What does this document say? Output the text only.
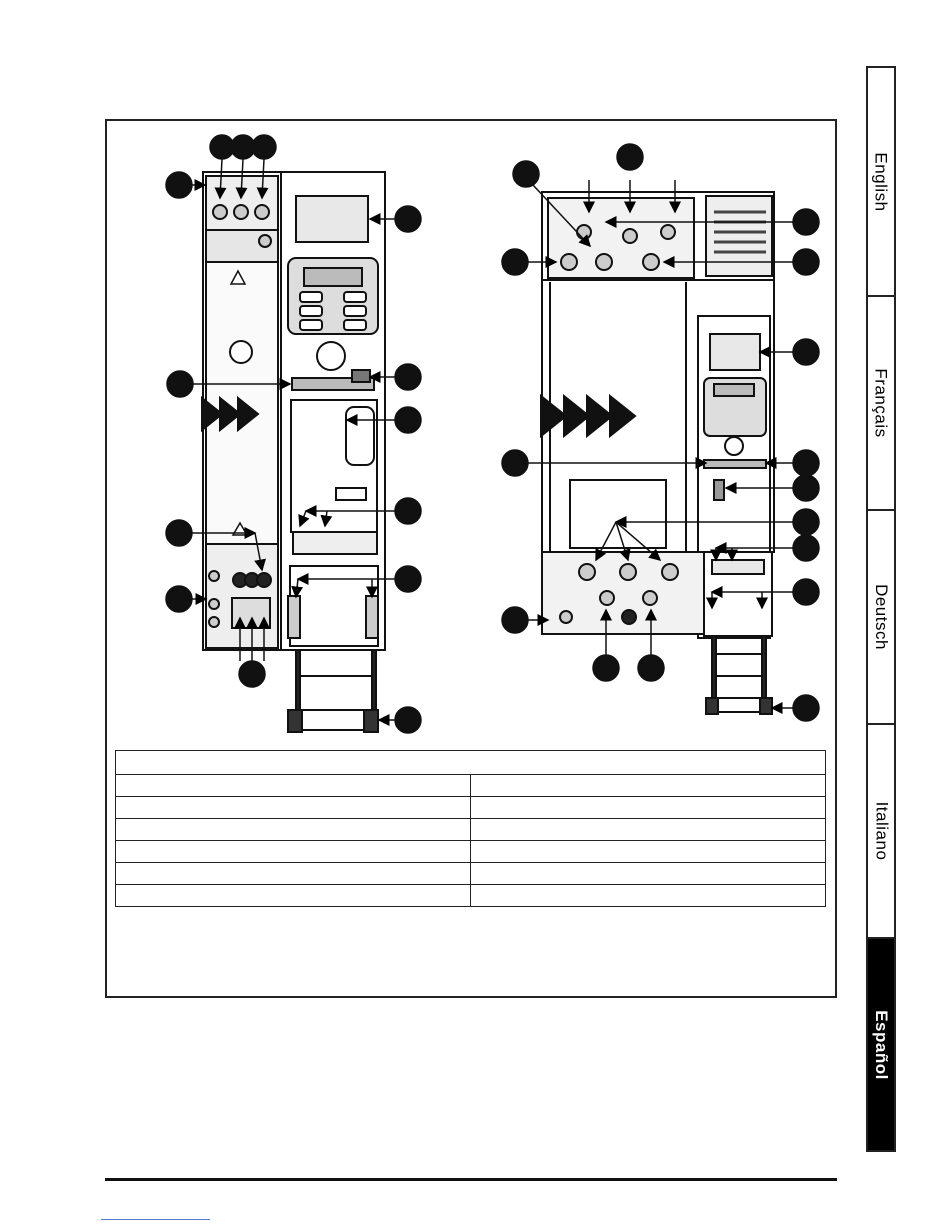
English
Français
Deutsch
Italiano
Español
